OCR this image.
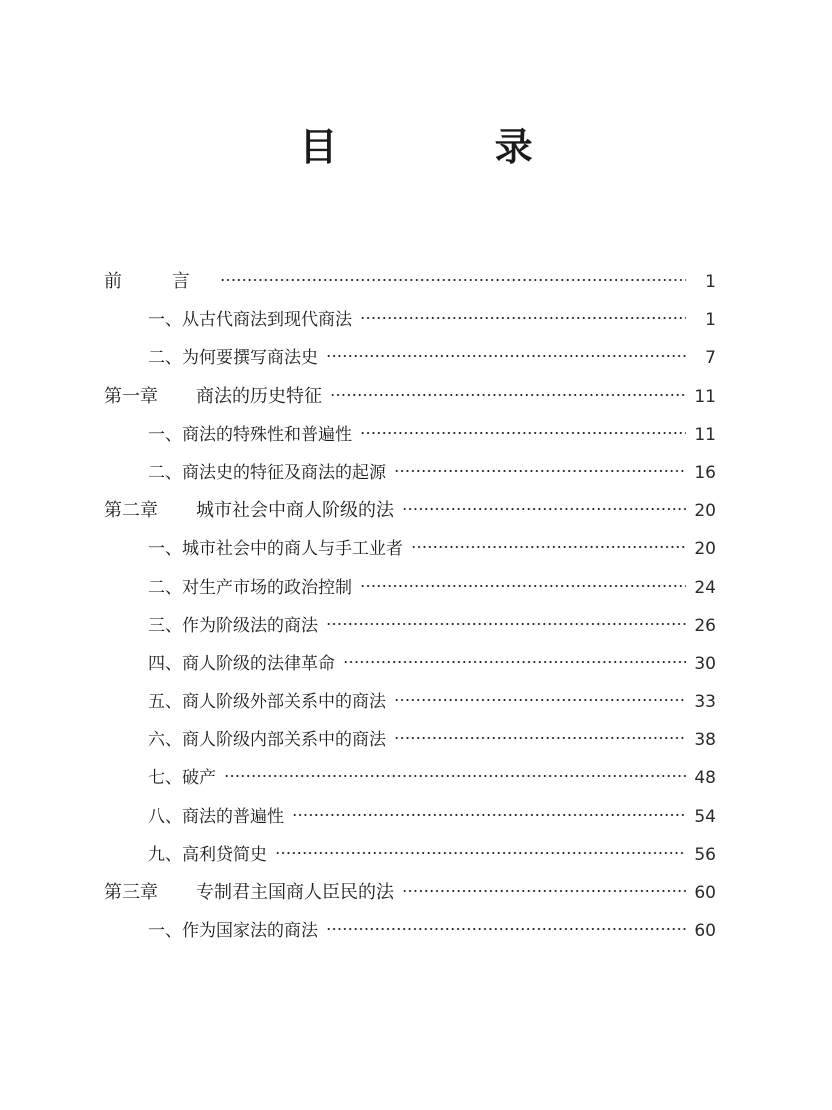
目 录
前 言	1
一、从古代商法到现代商法	1
二、为何要撰写商法史	7
第一章 商法的历史特征	11
一、商法的特殊性和普遍性	11
二、商法史的特征及商法的起源	16
第二章 城市社会中商人阶级的法	20
一、城市社会中的商人与手工业者	20
二、对生产市场的政治控制	24
三、作为阶级法的商法	26
四、商人阶级的法律革命	30
五、商人阶级外部关系中的商法	33
六、商人阶级内部关系中的商法	38
七、破产	48
八、商法的普遍性	54
九、高利贷简史	56
第三章 专制君主国商人臣民的法	60
一、作为国家法的商法	60
